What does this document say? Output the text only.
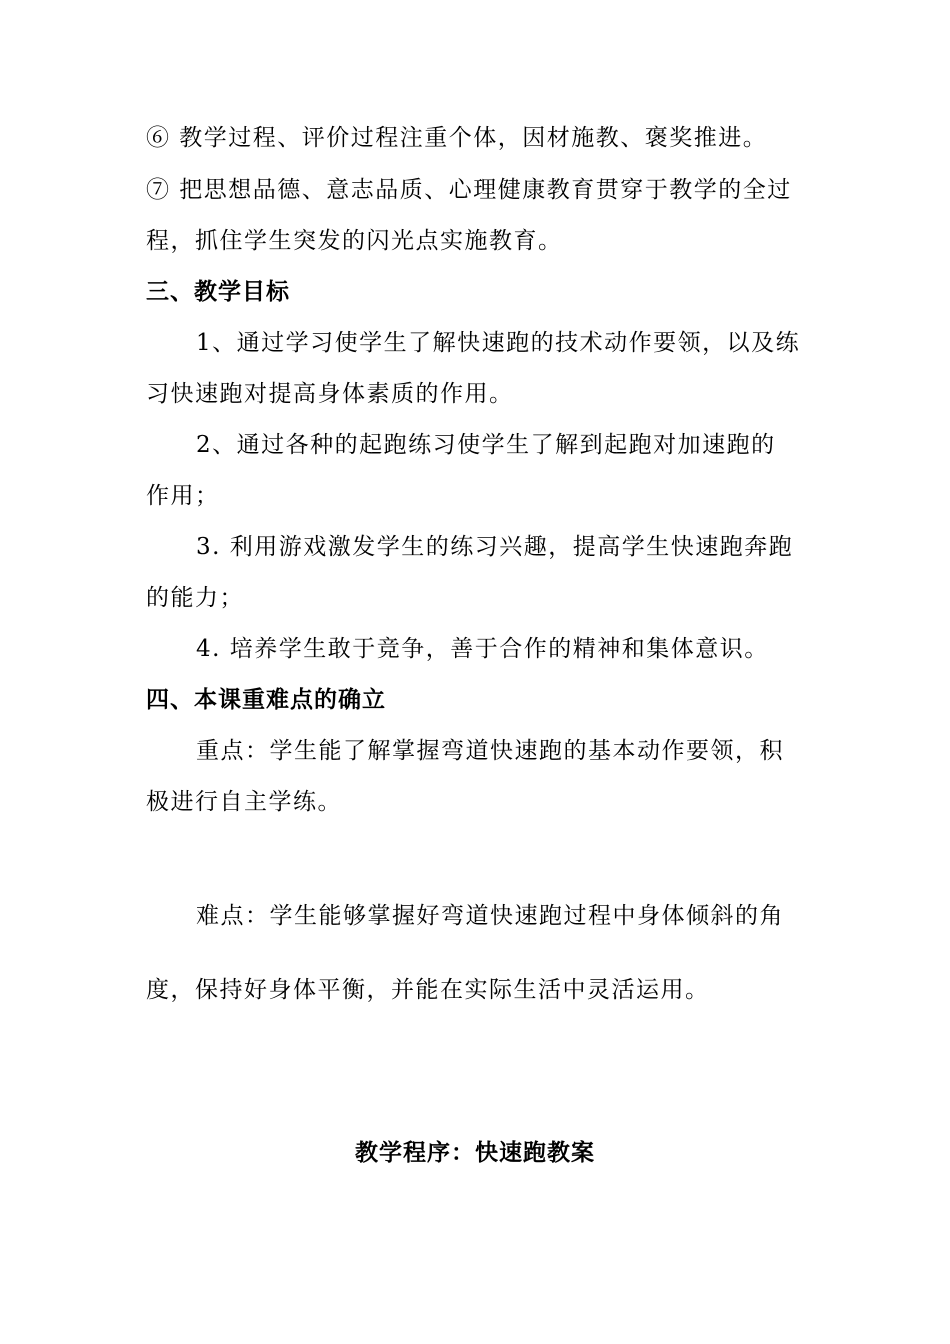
⑥ 教学过程、评价过程注重个体，因材施教、褒奖推进。
⑦ 把思想品德、意志品质、心理健康教育贯穿于教学的全过
程，抓住学生突发的闪光点实施教育。
三、教学目标
1、通过学习使学生了解快速跑的技术动作要领，以及练
习快速跑对提高身体素质的作用。
2、通过各种的起跑练习使学生了解到起跑对加速跑的
作用；
3. 利用游戏激发学生的练习兴趣，提高学生快速跑奔跑
的能力；
4. 培养学生敢于竞争，善于合作的精神和集体意识。
四、本课重难点的确立
重点：学生能了解掌握弯道快速跑的基本动作要领，积
极进行自主学练。
难点：学生能够掌握好弯道快速跑过程中身体倾斜的角
度，保持好身体平衡，并能在实际生活中灵活运用。
教学程序：快速跑教案
